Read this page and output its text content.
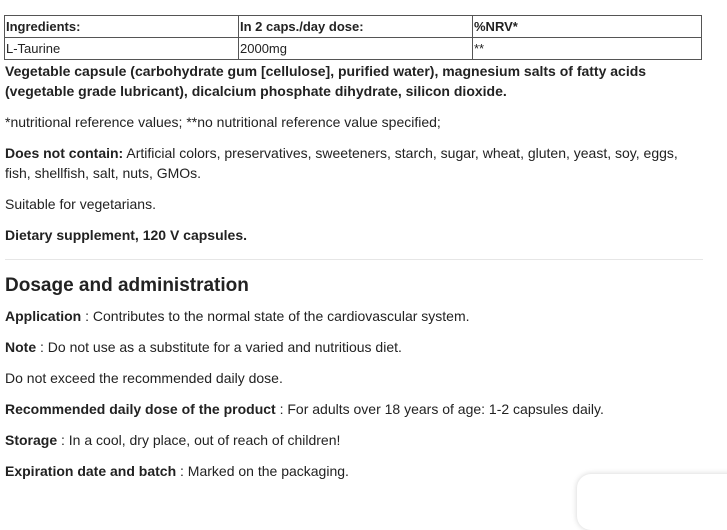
Ingredients:	In 2 caps./day dose:	%NRV*
L-Taurine	2000mg	**

Vegetable capsule (carbohydrate gum [cellulose], purified water), magnesium salts of fatty acids (vegetable grade lubricant), dicalcium phosphate dihydrate, silicon dioxide.

*nutritional reference values; **no nutritional reference value specified;

Does not contain: Artificial colors, preservatives, sweeteners, starch, sugar, wheat, gluten, yeast, soy, eggs, fish, shellfish, salt, nuts, GMOs.

Suitable for vegetarians.

Dietary supplement, 120 V capsules.

Dosage and administration

Application : Contributes to the normal state of the cardiovascular system.

Note : Do not use as a substitute for a varied and nutritious diet.

Do not exceed the recommended daily dose.

Recommended daily dose of the product : For adults over 18 years of age: 1-2 capsules daily.

Storage : In a cool, dry place, out of reach of children!

Expiration date and batch : Marked on the packaging.
